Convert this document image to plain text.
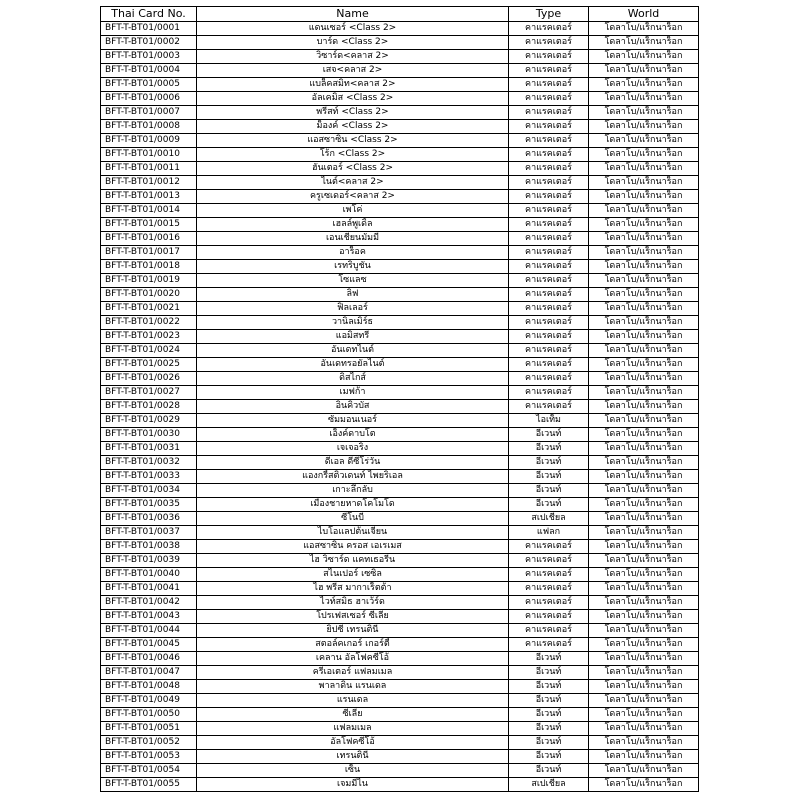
Thai Card No.	Name	Type	World
BFT-T-BT01/0001	แดนเซอร์ <Class 2>	คาแรคเตอร์	โดลาโบ/แร็กนาร็อก
BFT-T-BT01/0002	บาร์ด <Class 2>	คาแรคเตอร์	โดลาโบ/แร็กนาร็อก
BFT-T-BT01/0003	วิซาร์ด<คลาส 2>	คาแรคเตอร์	โดลาโบ/แร็กนาร็อก
BFT-T-BT01/0004	เสจ<คลาส 2>	คาแรคเตอร์	โดลาโบ/แร็กนาร็อก
BFT-T-BT01/0005	แบล็คสมิท<คลาส 2>	คาแรคเตอร์	โดลาโบ/แร็กนาร็อก
BFT-T-BT01/0006	อัลเคมิส <Class 2>	คาแรคเตอร์	โดลาโบ/แร็กนาร็อก
BFT-T-BT01/0007	พรีสท์ <Class 2>	คาแรคเตอร์	โดลาโบ/แร็กนาร็อก
BFT-T-BT01/0008	ม็องค์ <Class 2>	คาแรคเตอร์	โดลาโบ/แร็กนาร็อก
BFT-T-BT01/0009	แอสซาซิน <Class 2>	คาแรคเตอร์	โดลาโบ/แร็กนาร็อก
BFT-T-BT01/0010	โร้ก <Class 2>	คาแรคเตอร์	โดลาโบ/แร็กนาร็อก
BFT-T-BT01/0011	ฮันเตอร์ <Class 2>	คาแรคเตอร์	โดลาโบ/แร็กนาร็อก
BFT-T-BT01/0012	ไนต์<คลาส 2>	คาแรคเตอร์	โดลาโบ/แร็กนาร็อก
BFT-T-BT01/0013	ครูเซเดอร์<คลาส 2>	คาแรคเตอร์	โดลาโบ/แร็กนาร็อก
BFT-T-BT01/0014	เพโค่	คาแรคเตอร์	โดลาโบ/แร็กนาร็อก
BFT-T-BT01/0015	เฮลล์พูเดิ้ล	คาแรคเตอร์	โดลาโบ/แร็กนาร็อก
BFT-T-BT01/0016	เอนเชี่ยนมัมมี่	คาแรคเตอร์	โดลาโบ/แร็กนาร็อก
BFT-T-BT01/0017	อาร็อค	คาแรคเตอร์	โดลาโบ/แร็กนาร็อก
BFT-T-BT01/0018	เรทริบูชั่น	คาแรคเตอร์	โดลาโบ/แร็กนาร็อก
BFT-T-BT01/0019	โซแลซ	คาแรคเตอร์	โดลาโบ/แร็กนาร็อก
BFT-T-BT01/0020	ลิฟ	คาแรคเตอร์	โดลาโบ/แร็กนาร็อก
BFT-T-BT01/0021	ฟิลเลอร์	คาแรคเตอร์	โดลาโบ/แร็กนาร็อก
BFT-T-BT01/0022	วานิลเมิร์ธ	คาแรคเตอร์	โดลาโบ/แร็กนาร็อก
BFT-T-BT01/0023	แอมิสทรี	คาแรคเตอร์	โดลาโบ/แร็กนาร็อก
BFT-T-BT01/0024	อันเดทไนต์	คาแรคเตอร์	โดลาโบ/แร็กนาร็อก
BFT-T-BT01/0025	อันเดทรอยัลไนต์	คาแรคเตอร์	โดลาโบ/แร็กนาร็อก
BFT-T-BT01/0026	ดิสไกส์	คาแรคเตอร์	โดลาโบ/แร็กนาร็อก
BFT-T-BT01/0027	เมฟก้า	คาแรคเตอร์	โดลาโบ/แร็กนาร็อก
BFT-T-BT01/0028	อินคิวบัส	คาแรคเตอร์	โดลาโบ/แร็กนาร็อก
BFT-T-BT01/0029	ซัมมอนเนอร์	ไอเท็ม	โดลาโบ/แร็กนาร็อก
BFT-T-BT01/0030	เอ็งค์ดาบโต	อีเวนท์	โดลาโบ/แร็กนาร็อก
BFT-T-BT01/0031	เจเจอริง	อีเวนท์	โดลาโบ/แร็กนาร็อก
BFT-T-BT01/0032	ดีเอล ดีซีโร่วัน	อีเวนท์	โดลาโบ/แร็กนาร็อก
BFT-T-BT01/0033	แองกรี้สติวเดนท์ ไพยริเอล	อีเวนท์	โดลาโบ/แร็กนาร็อก
BFT-T-BT01/0034	เกาะลึกลับ	อีเวนท์	โดลาโบ/แร็กนาร็อก
BFT-T-BT01/0035	เมืองชายหาดโคโมโด	อีเวนท์	โดลาโบ/แร็กนาร็อก
BFT-T-BT01/0036	ซีโนบี	สเปเชียล	โดลาโบ/แร็กนาร็อก
BFT-T-BT01/0037	ไบโอแลปต้นเจี๋ยน	แฟลก	โดลาโบ/แร็กนาร็อก
BFT-T-BT01/0038	แอสซาซิน ครอส เอเรเมส	คาแรคเตอร์	โดลาโบ/แร็กนาร็อก
BFT-T-BT01/0039	ไฮ วิซาร์ด แคทเธอรีน	คาแรคเตอร์	โดลาโบ/แร็กนาร็อก
BFT-T-BT01/0040	สไนเปอร์ เซซิล	คาแรคเตอร์	โดลาโบ/แร็กนาร็อก
BFT-T-BT01/0041	ไฮ พรีส มากาเร็ตต้า	คาแรคเตอร์	โดลาโบ/แร็กนาร็อก
BFT-T-BT01/0042	ไวท์สมิธ ฮาเว้ร์ด	คาแรคเตอร์	โดลาโบ/แร็กนาร็อก
BFT-T-BT01/0043	โปรเฟสเซอร์ ซีเลีย	คาแรคเตอร์	โดลาโบ/แร็กนาร็อก
BFT-T-BT01/0044	ยิปซี เทรนตินี่	คาแรคเตอร์	โดลาโบ/แร็กนาร็อก
BFT-T-BT01/0045	สตอล์คเกอร์ เกอร์ตี้	คาแรคเตอร์	โดลาโบ/แร็กนาร็อก
BFT-T-BT01/0046	เคลาน อัลโฟคซีโอ้	อีเวนท์	โดลาโบ/แร็กนาร็อก
BFT-T-BT01/0047	ครีเอเตอร์ แฟลมเมล	อีเวนท์	โดลาโบ/แร็กนาร็อก
BFT-T-BT01/0048	พาลาดิน แรนเดล	อีเวนท์	โดลาโบ/แร็กนาร็อก
BFT-T-BT01/0049	แรนเดล	อีเวนท์	โดลาโบ/แร็กนาร็อก
BFT-T-BT01/0050	ซีเลีย	อีเวนท์	โดลาโบ/แร็กนาร็อก
BFT-T-BT01/0051	แฟลมเมล	อีเวนท์	โดลาโบ/แร็กนาร็อก
BFT-T-BT01/0052	อัลโฟคซีโอ้	อีเวนท์	โดลาโบ/แร็กนาร็อก
BFT-T-BT01/0053	เทรนตินี่	อีเวนท์	โดลาโบ/แร็กนาร็อก
BFT-T-BT01/0054	เซ็น	อีเวนท์	โดลาโบ/แร็กนาร็อก
BFT-T-BT01/0055	เจมมีไน	สเปเชียล	โดลาโบ/แร็กนาร็อก
